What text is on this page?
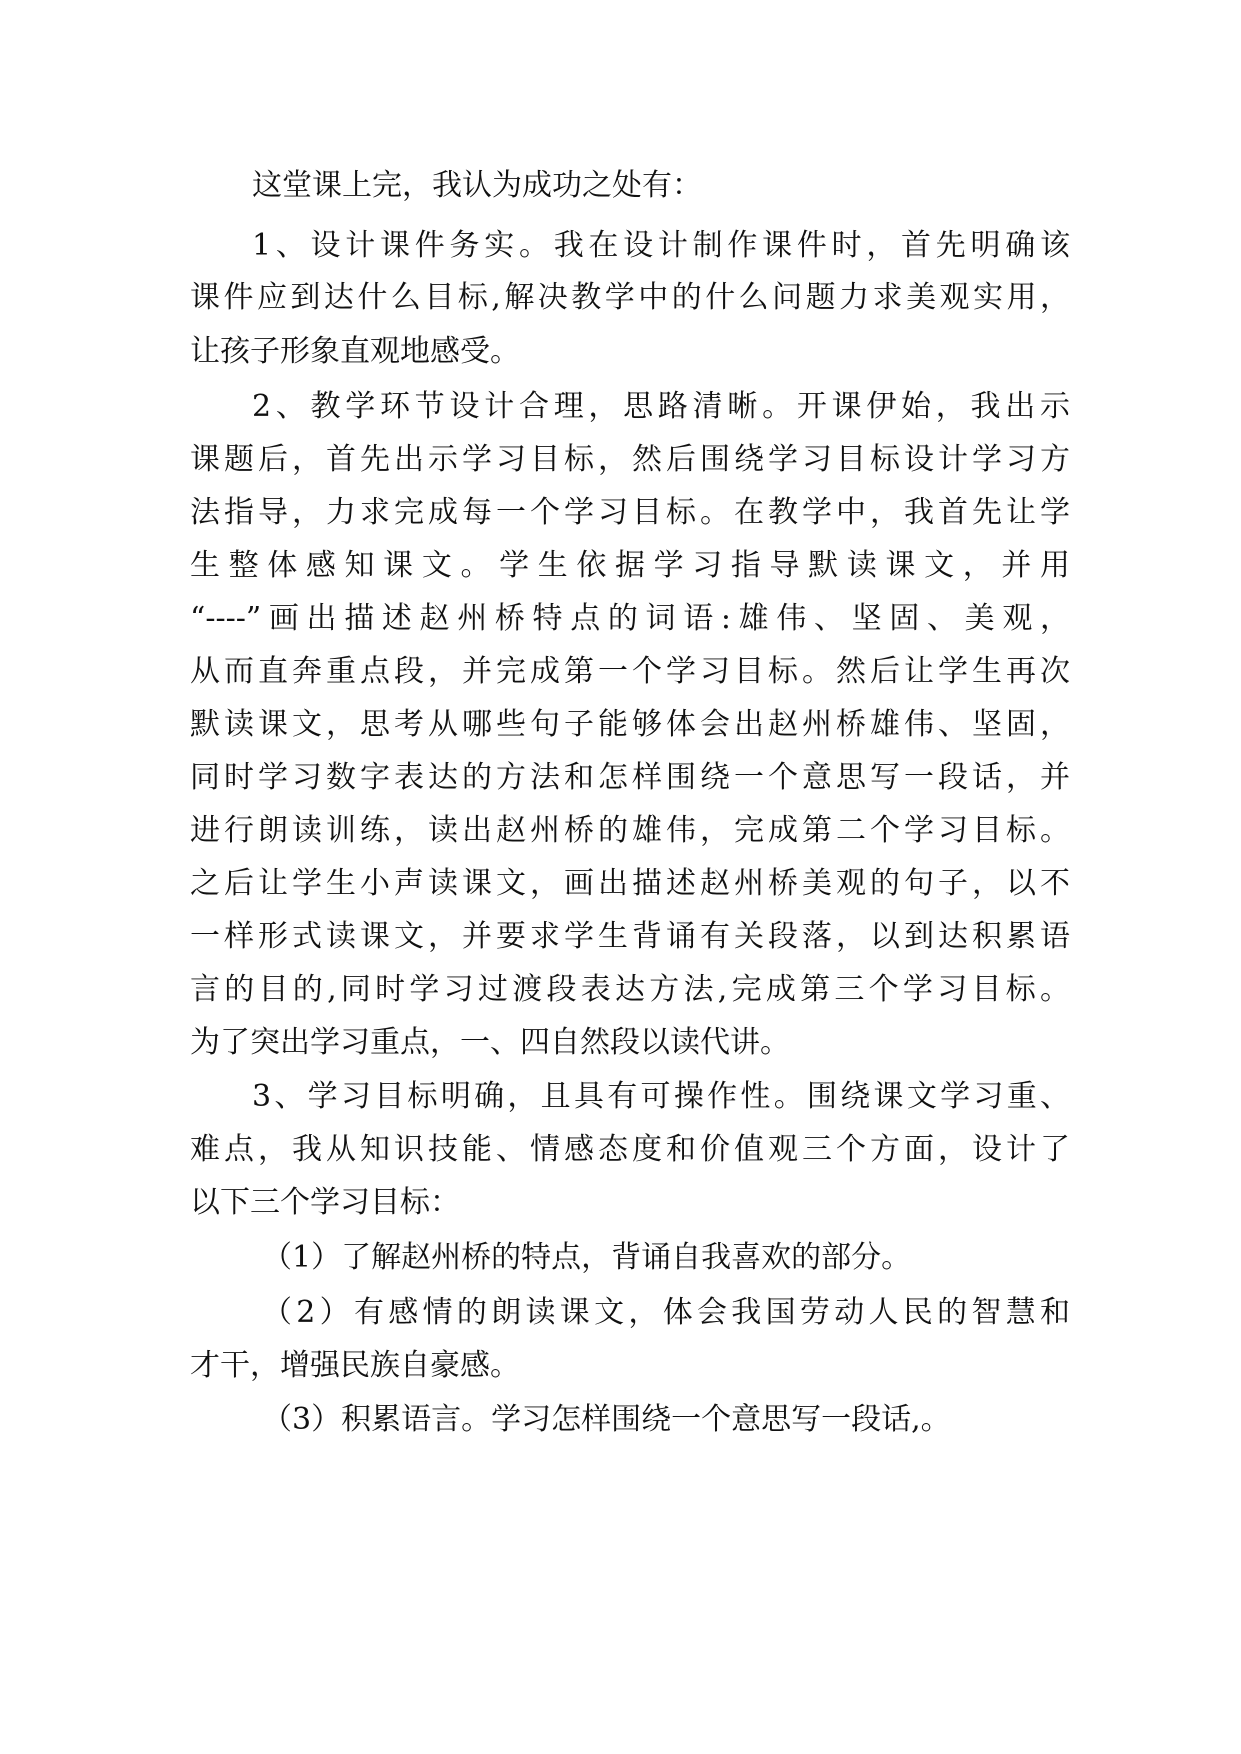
这堂课上完，我认为成功之处有：
1、设计课件务实。我在设计制作课件时，首先明确该
课件应到达什么目标,解决教学中的什么问题力求美观实用，
让孩子形象直观地感受。
2、教学环节设计合理，思路清晰。开课伊始，我出示
课题后，首先出示学习目标，然后围绕学习目标设计学习方
法指导，力求完成每一个学习目标。在教学中，我首先让学
生整体感知课文。学生依据学习指导默读课文，并用
“----”画出描述赵州桥特点的词语:雄伟、坚固、美观，
从而直奔重点段，并完成第一个学习目标。然后让学生再次
默读课文，思考从哪些句子能够体会出赵州桥雄伟、坚固，
同时学习数字表达的方法和怎样围绕一个意思写一段话，并
进行朗读训练，读出赵州桥的雄伟，完成第二个学习目标。
之后让学生小声读课文，画出描述赵州桥美观的句子，以不
一样形式读课文，并要求学生背诵有关段落，以到达积累语
言的目的,同时学习过渡段表达方法,完成第三个学习目标。
为了突出学习重点，一、四自然段以读代讲。
3、学习目标明确，且具有可操作性。围绕课文学习重、
难点，我从知识技能、情感态度和价值观三个方面，设计了
以下三个学习目标：
（1）了解赵州桥的特点，背诵自我喜欢的部分。
（2）有感情的朗读课文，体会我国劳动人民的智慧和
才干，增强民族自豪感。
（3）积累语言。学习怎样围绕一个意思写一段话,。
